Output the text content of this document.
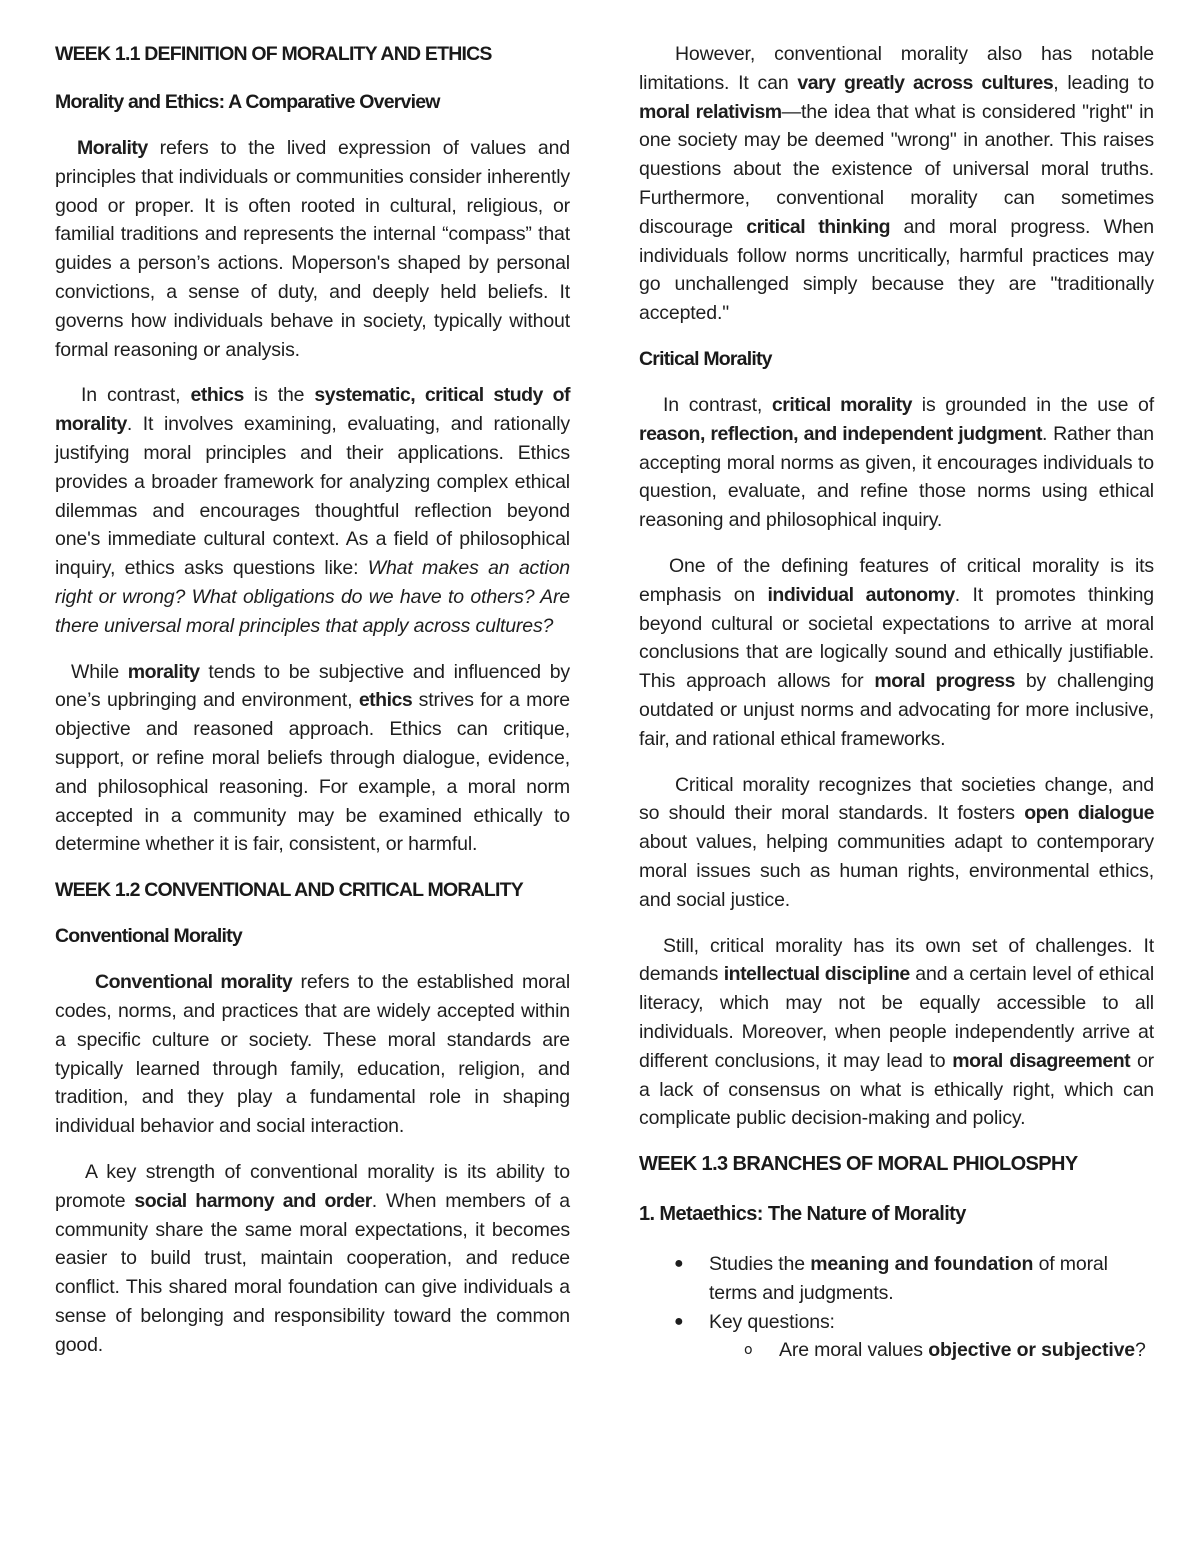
WEEK 1.1 DEFINITION OF MORALITY AND ETHICS
Morality and Ethics: A Comparative Overview

Morality refers to the lived expression of values and principles that individuals or communities consider inherently good or proper. It is often rooted in cultural, religious, or familial traditions and represents the internal “compass” that guides a person’s actions. Moperson's shaped by personal convictions, a sense of duty, and deeply held beliefs. It governs how individuals behave in society, typically without formal reasoning or analysis.

In contrast, ethics is the systematic, critical study of morality. It involves examining, evaluating, and rationally justifying moral principles and their applications. Ethics provides a broader framework for analyzing complex ethical dilemmas and encourages thoughtful reflection beyond one's immediate cultural context. As a field of philosophical inquiry, ethics asks questions like: What makes an action right or wrong? What obligations do we have to others? Are there universal moral principles that apply across cultures?

While morality tends to be subjective and influenced by one’s upbringing and environment, ethics strives for a more objective and reasoned approach. Ethics can critique, support, or refine moral beliefs through dialogue, evidence, and philosophical reasoning. For example, a moral norm accepted in a community may be examined ethically to determine whether it is fair, consistent, or harmful.

WEEK 1.2 CONVENTIONAL AND CRITICAL MORALITY
Conventional Morality

Conventional morality refers to the established moral codes, norms, and practices that are widely accepted within a specific culture or society. These moral standards are typically learned through family, education, religion, and tradition, and they play a fundamental role in shaping individual behavior and social interaction.

A key strength of conventional morality is its ability to promote social harmony and order. When members of a community share the same moral expectations, it becomes easier to build trust, maintain cooperation, and reduce conflict. This shared moral foundation can give individuals a sense of belonging and responsibility toward the common good.

However, conventional morality also has notable limitations. It can vary greatly across cultures, leading to moral relativism—the idea that what is considered "right" in one society may be deemed "wrong" in another. This raises questions about the existence of universal moral truths. Furthermore, conventional morality can sometimes discourage critical thinking and moral progress. When individuals follow norms uncritically, harmful practices may go unchallenged simply because they are "traditionally accepted."

Critical Morality

In contrast, critical morality is grounded in the use of reason, reflection, and independent judgment. Rather than accepting moral norms as given, it encourages individuals to question, evaluate, and refine those norms using ethical reasoning and philosophical inquiry.

One of the defining features of critical morality is its emphasis on individual autonomy. It promotes thinking beyond cultural or societal expectations to arrive at moral conclusions that are logically sound and ethically justifiable. This approach allows for moral progress by challenging outdated or unjust norms and advocating for more inclusive, fair, and rational ethical frameworks.

Critical morality recognizes that societies change, and so should their moral standards. It fosters open dialogue about values, helping communities adapt to contemporary moral issues such as human rights, environmental ethics, and social justice.

Still, critical morality has its own set of challenges. It demands intellectual discipline and a certain level of ethical literacy, which may not be equally accessible to all individuals. Moreover, when people independently arrive at different conclusions, it may lead to moral disagreement or a lack of consensus on what is ethically right, which can complicate public decision-making and policy.

WEEK 1.3 BRANCHES OF MORAL PHIOLOSPHY
1. Metaethics: The Nature of Morality
● Studies the meaning and foundation of moral terms and judgments.
● Key questions:
o Are moral values objective or subjective?
